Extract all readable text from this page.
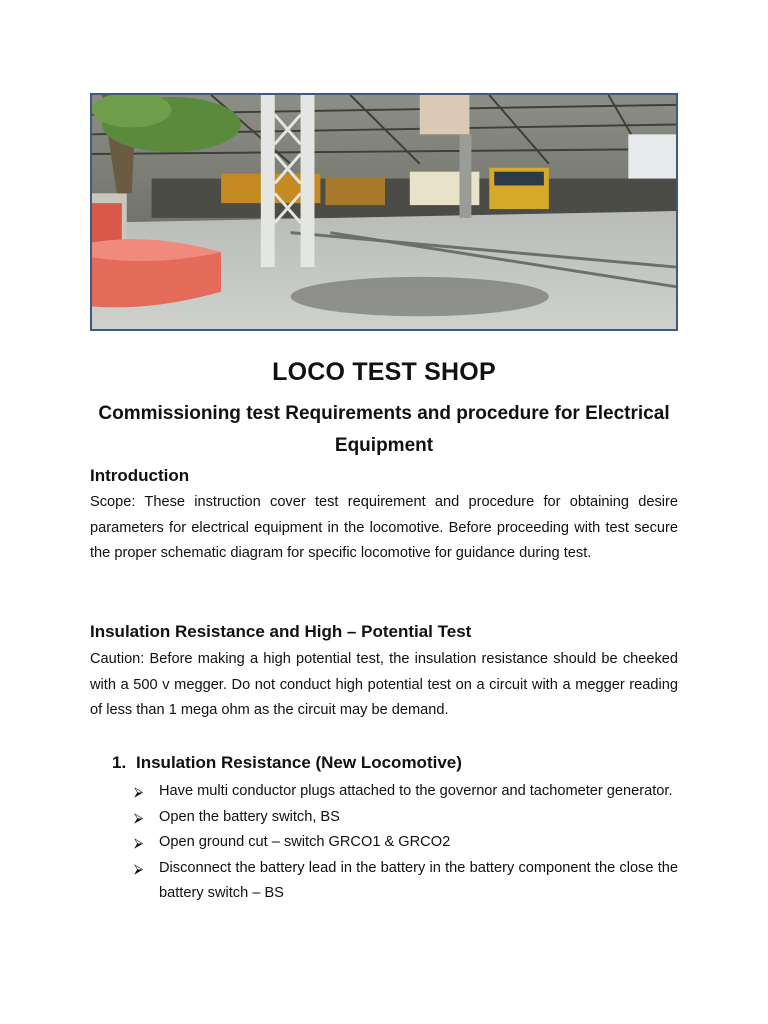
LOCO TEST SHOP
Commissioning test Requirements and procedure for Electrical Equipment
Introduction
Scope: These instruction cover test requirement and procedure for obtaining desire parameters for electrical equipment in the locomotive. Before proceeding with test secure the proper schematic diagram for specific locomotive for guidance during test.
Insulation Resistance and High – Potential Test
Caution: Before making a high potential test, the insulation resistance should be cheeked with a 500 v megger. Do not conduct high potential test on a circuit with a megger reading of less than 1 mega ohm as the circuit may be demand.
1. Insulation Resistance (New Locomotive)
⮚ Have multi conductor plugs attached to the governor and tachometer generator.
⮚ Open the battery switch, BS
⮚ Open ground cut – switch GRCO1 & GRCO2
⮚ Disconnect the battery lead in the battery in the battery component the close the battery switch – BS
